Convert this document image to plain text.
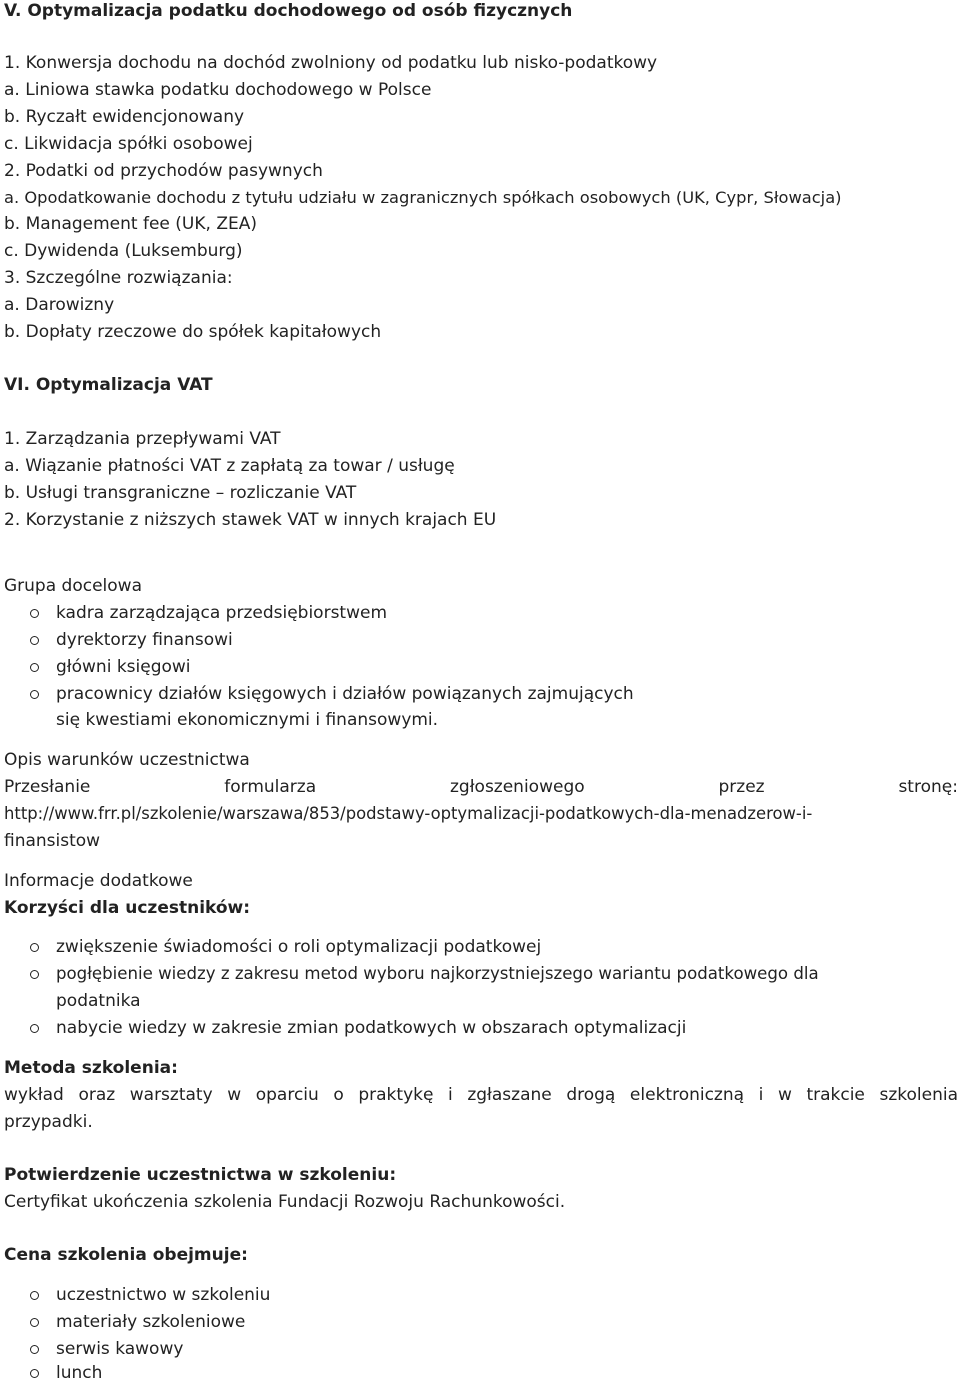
V. Optymalizacja podatku dochodowego od osób fizycznych
1. Konwersja dochodu na dochód zwolniony od podatku lub nisko-podatkowy
a. Liniowa stawka podatku dochodowego w Polsce
b. Ryczałt ewidencjonowany
c. Likwidacja spółki osobowej
2. Podatki od przychodów pasywnych
a. Opodatkowanie dochodu z tytułu udziału w zagranicznych spółkach osobowych (UK, Cypr, Słowacja)
b. Management fee (UK, ZEA)
c. Dywidenda (Luksemburg)
3. Szczególne rozwiązania:
a. Darowizny
b. Dopłaty rzeczowe do spółek kapitałowych
VI. Optymalizacja VAT
1. Zarządzania przepływami VAT
a. Wiązanie płatności VAT z zapłatą za towar / usługę
b. Usługi transgraniczne – rozliczanie VAT
2. Korzystanie z niższych stawek VAT w innych krajach EU
Grupa docelowa
kadra zarządzająca przedsiębiorstwem
dyrektorzy finansowi
główni księgowi
pracownicy działów księgowych i działów powiązanych zajmujących
się kwestiami ekonomicznymi i finansowymi.
Opis warunków uczestnictwa
Przesłanie	formularza	zgłoszeniowego	przez	stronę:
http://www.frr.pl/szkolenie/warszawa/853/podstawy-optymalizacji-podatkowych-dla-menadzerow-i-
finansistow
Informacje dodatkowe
Korzyści dla uczestników:
zwiększenie świadomości o roli optymalizacji podatkowej
pogłębienie wiedzy z zakresu metod wyboru najkorzystniejszego wariantu podatkowego dla
podatnika
nabycie wiedzy w zakresie zmian podatkowych w obszarach optymalizacji
Metoda szkolenia:
wykład oraz warsztaty w oparciu o praktykę i zgłaszane drogą elektroniczną i w trakcie szkolenia
przypadki.
Potwierdzenie uczestnictwa w szkoleniu:
Certyfikat ukończenia szkolenia Fundacji Rozwoju Rachunkowości.
Cena szkolenia obejmuje:
uczestnictwo w szkoleniu
materiały szkoleniowe
serwis kawowy
lunch
